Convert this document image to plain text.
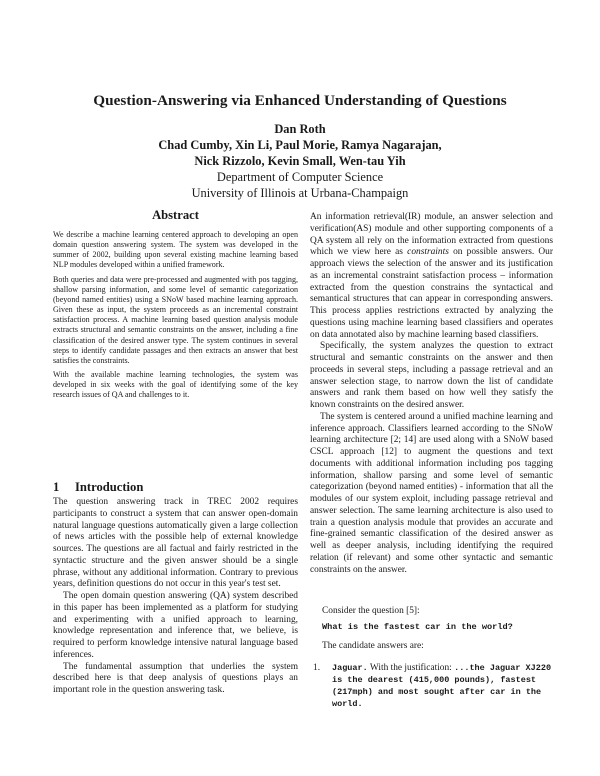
Question-Answering via Enhanced Understanding of Questions
Dan Roth
Chad Cumby, Xin Li, Paul Morie, Ramya Nagarajan,
Nick Rizzolo, Kevin Small, Wen-tau Yih
Department of Computer Science
University of Illinois at Urbana-Champaign
Abstract

We describe a machine learning centered approach to developing an open domain question answering system. The system was developed in the summer of 2002, building upon several existing machine learning based NLP modules developed within a unified framework.

Both queries and data were pre-processed and augmented with pos tagging, shallow parsing information, and some level of semantic categorization (beyond named entities) using a SNoW based machine learning approach. Given these as input, the system proceeds as an incremental constraint satisfaction process. A machine learning based question analysis module extracts structural and semantic constraints on the answer, including a fine classification of the desired answer type. The system continues in several steps to identify candidate passages and then extracts an answer that best satisfies the constraints.

With the available machine learning technologies, the system was developed in six weeks with the goal of identifying some of the key research issues of QA and challenges to it.

1 Introduction

The question answering track in TREC 2002 requires participants to construct a system that can answer open-domain natural language questions automatically given a large collection of news articles with the possible help of external knowledge sources. The questions are all factual and fairly restricted in the syntactic structure and the given answer should be a single phrase, without any additional information. Contrary to previous years, definition questions do not occur in this year's test set.

The open domain question answering (QA) system described in this paper has been implemented as a platform for studying and experimenting with a unified approach to learning, knowledge representation and inference that, we believe, is required to perform knowledge intensive natural language based inferences.

The fundamental assumption that underlies the system described here is that deep analysis of questions plays an important role in the question answering task.

An information retrieval(IR) module, an answer selection and verification(AS) module and other supporting components of a QA system all rely on the information extracted from questions which we view here as constraints on possible answers. Our approach views the selection of the answer and its justification as an incremental constraint satisfaction process – information extracted from the question constrains the syntactical and semantical structures that can appear in corresponding answers. This process applies restrictions extracted by analyzing the questions using machine learning based classifiers and operates on data annotated also by machine learning based classifiers.

Specifically, the system analyzes the question to extract structural and semantic constraints on the answer and then proceeds in several steps, including a passage retrieval and an answer selection stage, to narrow down the list of candidate answers and rank them based on how well they satisfy the known constraints on the desired answer.

The system is centered around a unified machine learning and inference approach. Classifiers learned according to the SNoW learning architecture [2; 14] are used along with a SNoW based CSCL approach [12] to augment the questions and text documents with additional information including pos tagging information, shallow parsing and some level of semantic categorization (beyond named entities) - information that all the modules of our system exploit, including passage retrieval and answer selection. The same learning architecture is also used to train a question analysis module that provides an accurate and fine-grained semantic classification of the desired answer as well as deeper analysis, including identifying the required relation (if relevant) and some other syntactic and semantic constraints on the answer.

Consider the question [5]:
What is the fastest car in the world?
The candidate answers are:
1. Jaguar. With the justification: ...the Jaguar XJ220 is the dearest (415,000 pounds), fastest (217mph) and most sought after car in the world.
